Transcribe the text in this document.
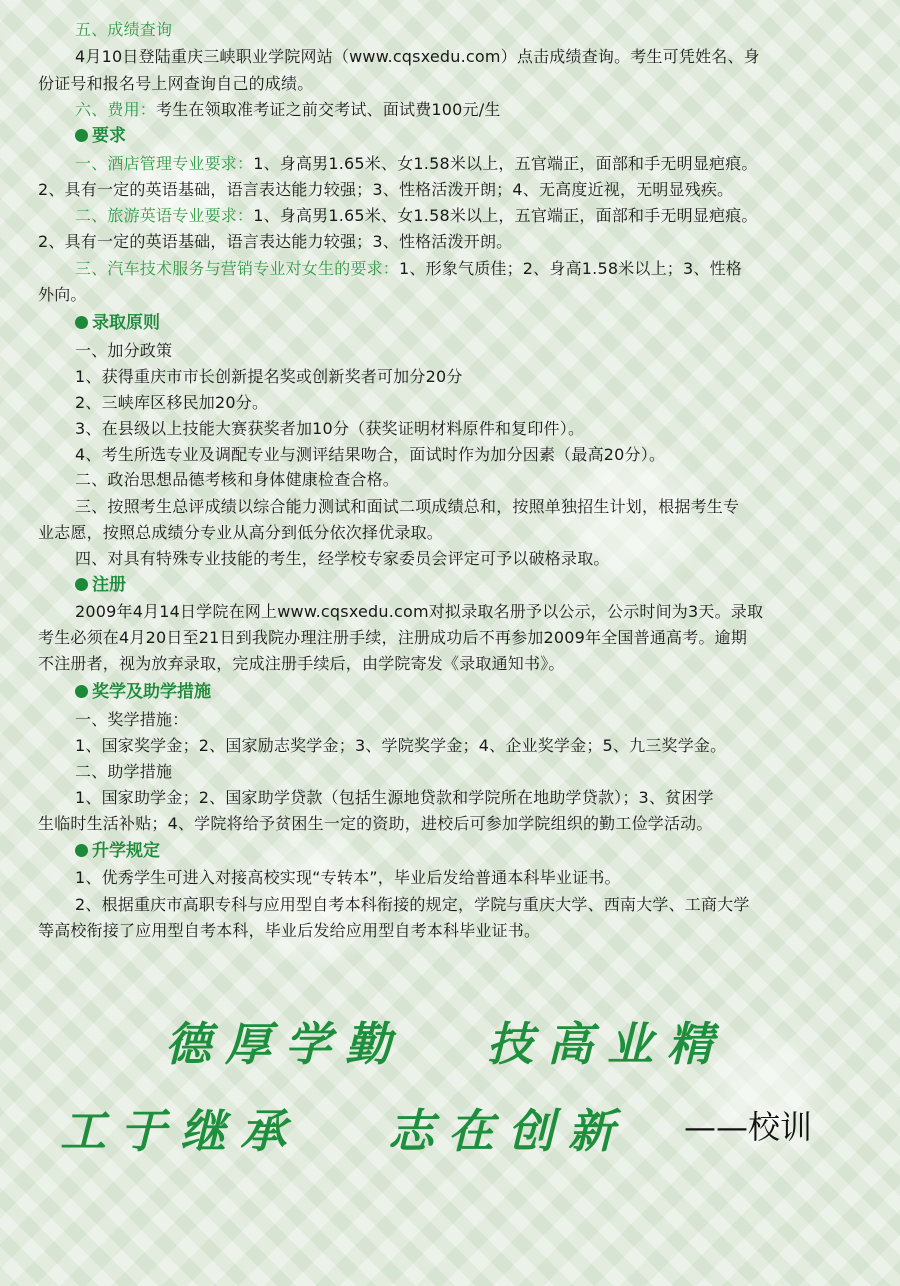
五、成绩查询
4月10日登陆重庆三峡职业学院网站（www.cqsxedu.com）点击成绩查询。考生可凭姓名、身
份证号和报名号上网查询自己的成绩。
六、费用：考生在领取准考证之前交考试、面试费100元/生
要求
一、酒店管理专业要求：1、身高男1.65米、女1.58米以上，五官端正，面部和手无明显疤痕。
2、具有一定的英语基础，语言表达能力较强；3、性格活泼开朗；4、无高度近视，无明显残疾。
二、旅游英语专业要求：1、身高男1.65米、女1.58米以上，五官端正，面部和手无明显疤痕。
2、具有一定的英语基础，语言表达能力较强；3、性格活泼开朗。
三、汽车技术服务与营销专业对女生的要求：1、形象气质佳；2、身高1.58米以上；3、性格
外向。
录取原则
一、加分政策
1、获得重庆市市长创新提名奖或创新奖者可加分20分
2、三峡库区移民加20分。
3、在县级以上技能大赛获奖者加10分（获奖证明材料原件和复印件）。
4、考生所选专业及调配专业与测评结果吻合，面试时作为加分因素（最高20分）。
二、政治思想品德考核和身体健康检查合格。
三、按照考生总评成绩以综合能力测试和面试二项成绩总和，按照单独招生计划，根据考生专
业志愿，按照总成绩分专业从高分到低分依次择优录取。
四、对具有特殊专业技能的考生，经学校专家委员会评定可予以破格录取。
注册
2009年4月14日学院在网上www.cqsxedu.com对拟录取名册予以公示，公示时间为3天。录取
考生必须在4月20日至21日到我院办理注册手续，注册成功后不再参加2009年全国普通高考。逾期
不注册者，视为放弃录取，完成注册手续后，由学院寄发《录取通知书》。
奖学及助学措施
一、奖学措施：
1、国家奖学金；2、国家励志奖学金；3、学院奖学金；4、企业奖学金；5、九三奖学金。
二、助学措施
1、国家助学金；2、国家助学贷款（包括生源地贷款和学院所在地助学贷款）；3、贫困学
生临时生活补贴；4、学院将给予贫困生一定的资助，进校后可参加学院组织的勤工俭学活动。
升学规定
1、优秀学生可进入对接高校实现“专转本”，毕业后发给普通本科毕业证书。
2、根据重庆市高职专科与应用型自考本科衔接的规定，学院与重庆大学、西南大学、工商大学
等高校衔接了应用型自考本科，毕业后发给应用型自考本科毕业证书。
德厚学勤 技高业精
工于继承 志在创新 ——校训
